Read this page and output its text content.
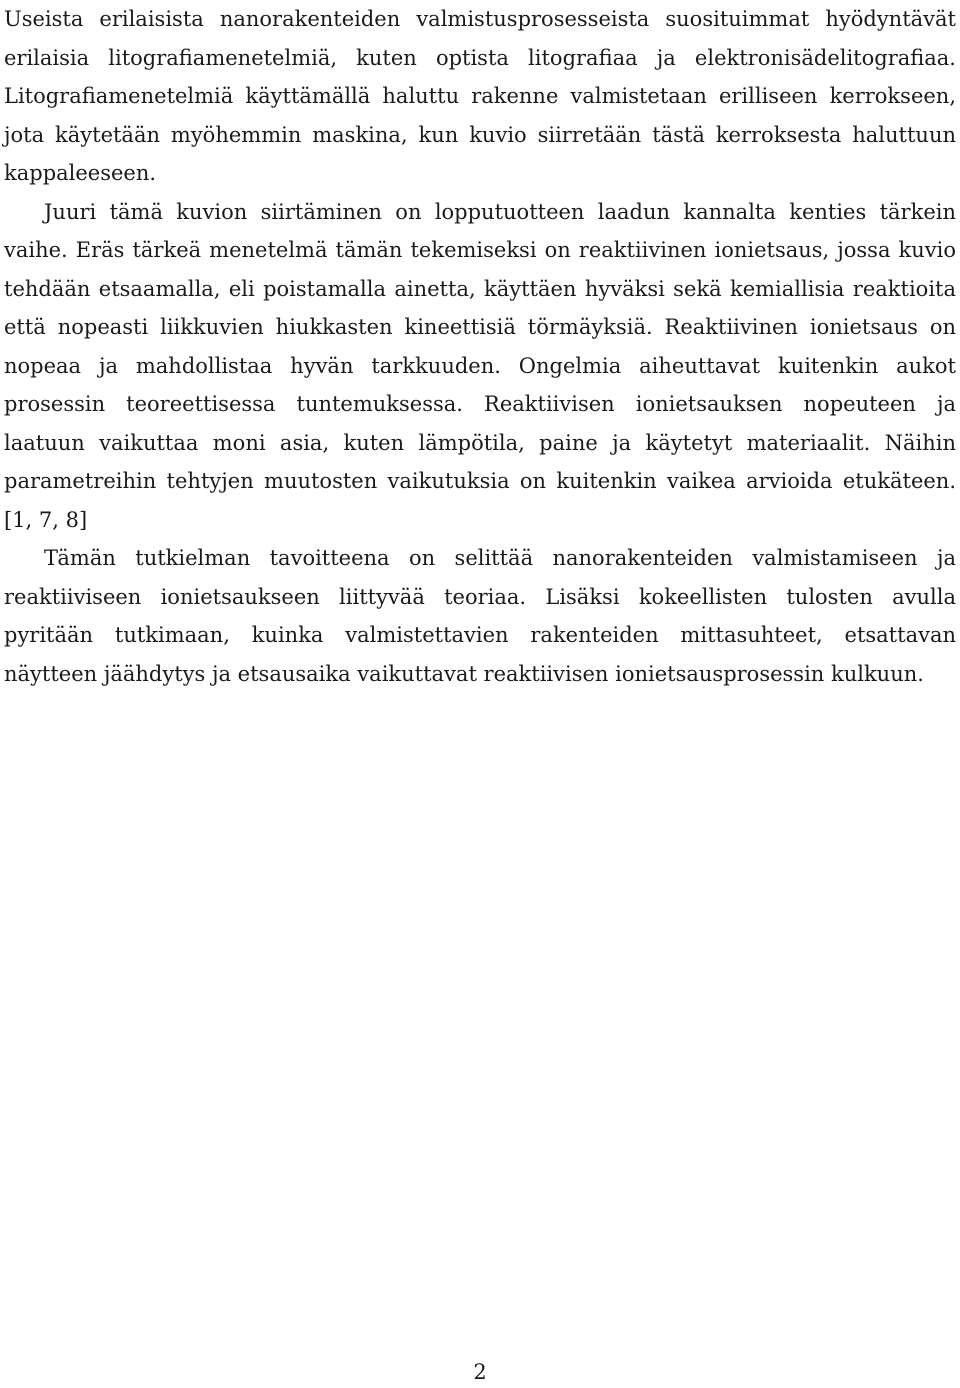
Useista erilaisista nanorakenteiden valmistusprosesseista suosituimmat hyödyntävät erilaisia litografiamenetelmiä, kuten optista litografiaa ja elektronisädelitografiaa. Litografiamenetelmiä käyttämällä haluttu rakenne valmistetaan erilliseen kerrokseen, jota käytetään myöhemmin maskina, kun kuvio siirretään tästä kerroksesta haluttuun kappaleeseen.

Juuri tämä kuvion siirtäminen on lopputuotteen laadun kannalta kenties tärkein vaihe. Eräs tärkeä menetelmä tämän tekemiseksi on reaktiivinen ionietsaus, jossa kuvio tehdään etsaamalla, eli poistamalla ainetta, käyttäen hyväksi sekä kemiallisia reaktioita että nopeasti liikkuvien hiukkasten kineettisiä törmäyksiä. Reaktiivinen ionietsaus on nopeaa ja mahdollistaa hyvän tarkkuuden. Ongelmia aiheuttavat kuitenkin aukot prosessin teoreettisessa tuntemuksessa. Reaktiivisen ionietsauksen nopeuteen ja laatuun vaikuttaa moni asia, kuten lämpötila, paine ja käytetyt materiaalit. Näihin parametreihin tehtyjen muutosten vaikutuksia on kuitenkin vaikea arvioida etukäteen. [1, 7, 8]

Tämän tutkielman tavoitteena on selittää nanorakenteiden valmistamiseen ja reaktiiviseen ionietsaukseen liittyvää teoriaa. Lisäksi kokeellisten tulosten avulla pyritään tutkimaan, kuinka valmistettavien rakenteiden mittasuhteet, etsattavan näytteen jäähdytys ja etsausaika vaikuttavat reaktiivisen ionietsausprosessin kulkuun.

2
